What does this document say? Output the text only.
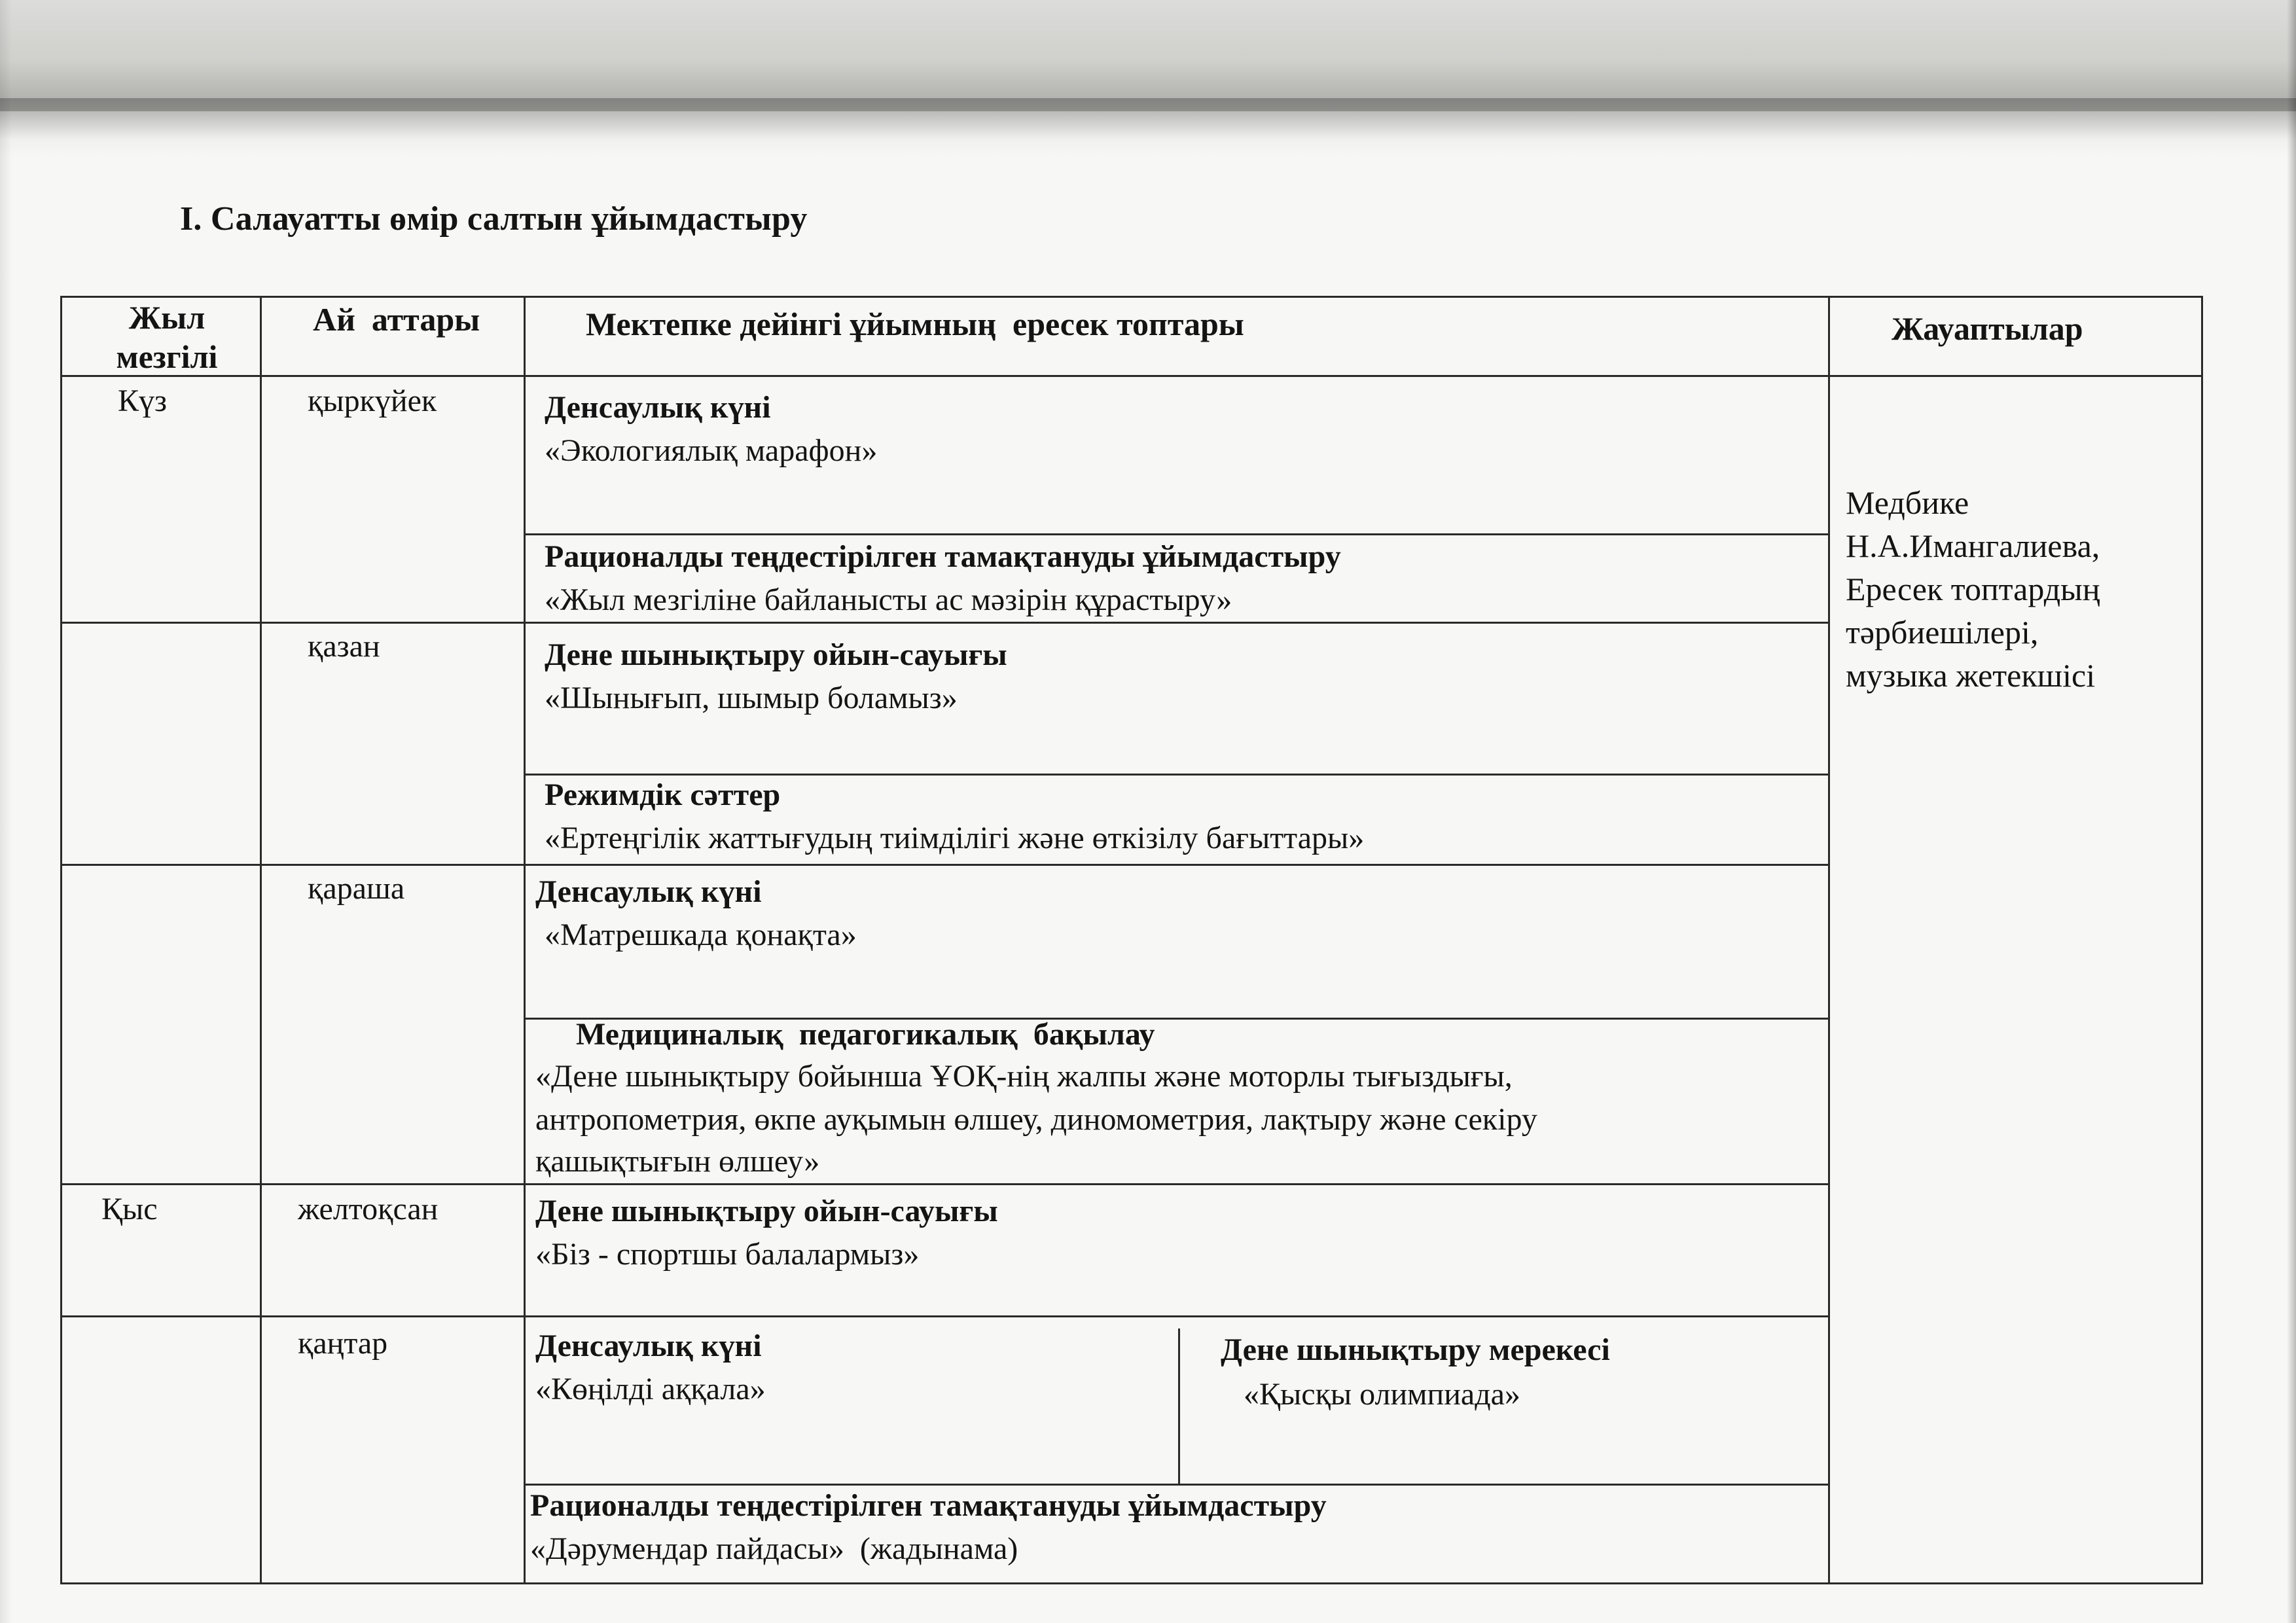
І. Салауатты өмір салтын ұйымдастыру
Жыл
мезгілі
Ай  аттары	Мектепке дейінгі ұйымның  ересек топтары	Жауаптылар
Күз
Қыс
қыркүйек
қазан
қараша
желтоқсан
қаңтар
Денсаулық күні
«Экологиялық марафон»
Рационалды теңдестірілген тамақтануды ұйымдастыру
«Жыл мезгіліне байланысты ас мәзірін құрастыру»
Дене шынықтыру ойын-сауығы
«Шынығып, шымыр боламыз»
Режимдік сәттер
«Ертеңгілік жаттығудың тиімділігі және өткізілу бағыттары»
Денсаулық күні
«Матрешкада қонақта»
Медициналық  педагогикалық  бақылау
«Дене шынықтыру бойынша ҰОҚ-нің жалпы және моторлы тығыздығы,
антропометрия, өкпе ауқымын өлшеу, диномометрия, лақтыру және секіру
қашықтығын өлшеу»
Дене шынықтыру ойын-сауығы
«Біз - спортшы балалармыз»
Денсаулық күні
«Көңілді аққала»
Дене шынықтыру мерекесі
«Қысқы олимпиада»
Рационалды теңдестірілген тамақтануды ұйымдастыру
«Дәрумендар пайдасы»  (жадынама)
Медбике
Н.А.Имангалиева,
Ересек топтардың
тәрбиешілері,
музыка жетекшісі
